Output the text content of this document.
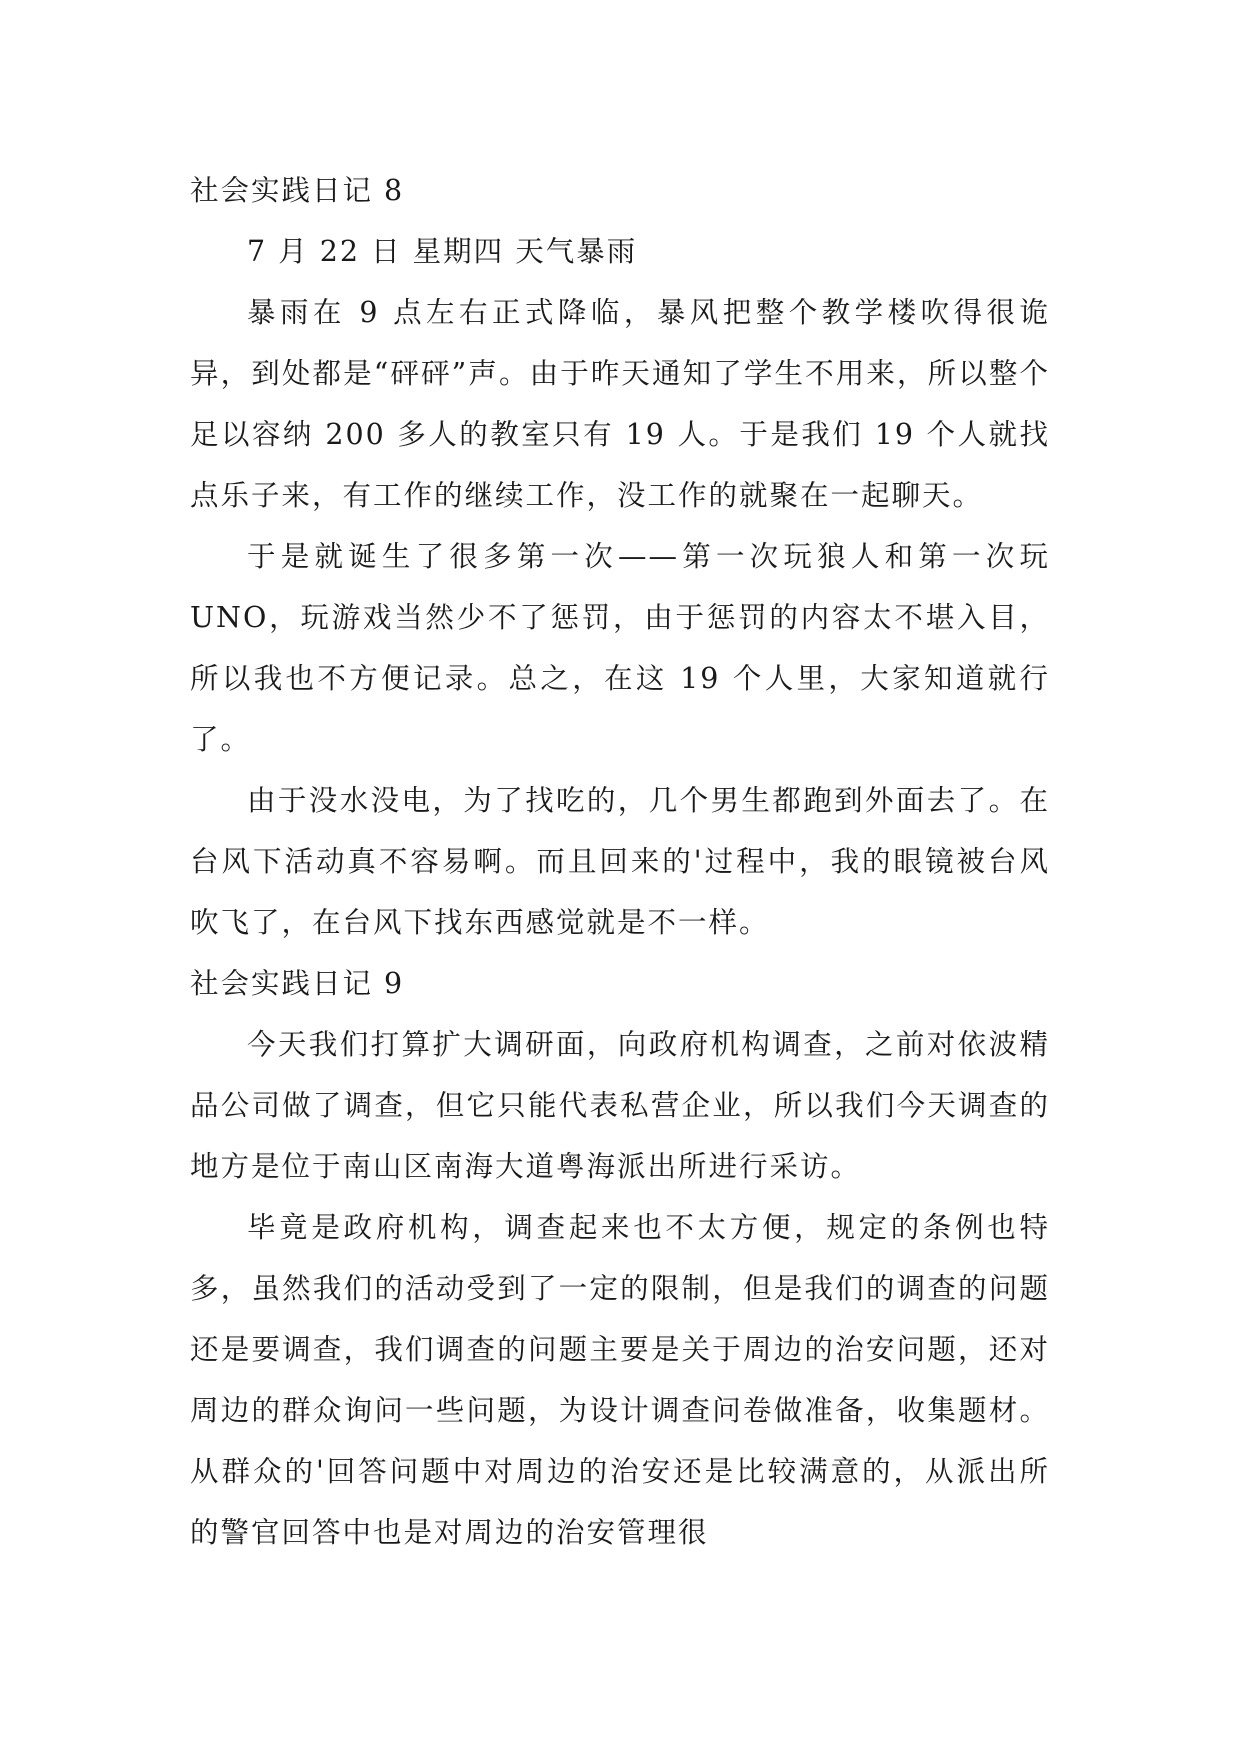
社会实践日记 8
7 月 22 日 星期四 天气暴雨

暴雨在 9 点左右正式降临，暴风把整个教学楼吹得很诡异，到处都是“砰砰”声。由于昨天通知了学生不用来，所以整个足以容纳 200 多人的教室只有 19 人。于是我们 19 个人就找点乐子来，有工作的继续工作，没工作的就聚在一起聊天。

于是就诞生了很多第一次——第一次玩狼人和第一次玩 UNO，玩游戏当然少不了惩罚，由于惩罚的内容太不堪入目，所以我也不方便记录。总之，在这 19 个人里，大家知道就行了。

由于没水没电，为了找吃的，几个男生都跑到外面去了。在台风下活动真不容易啊。而且回来的'过程中，我的眼镜被台风吹飞了，在台风下找东西感觉就是不一样。

社会实践日记 9

今天我们打算扩大调研面，向政府机构调查，之前对依波精品公司做了调查，但它只能代表私营企业，所以我们今天调查的地方是位于南山区南海大道粤海派出所进行采访。

毕竟是政府机构，调查起来也不太方便，规定的条例也特多，虽然我们的活动受到了一定的限制，但是我们的调查的问题还是要调查，我们调查的问题主要是关于周边的治安问题，还对周边的群众询问一些问题，为设计调查问卷做准备，收集题材。从群众的'回答问题中对周边的治安还是比较满意的，从派出所的警官回答中也是对周边的治安管理很
